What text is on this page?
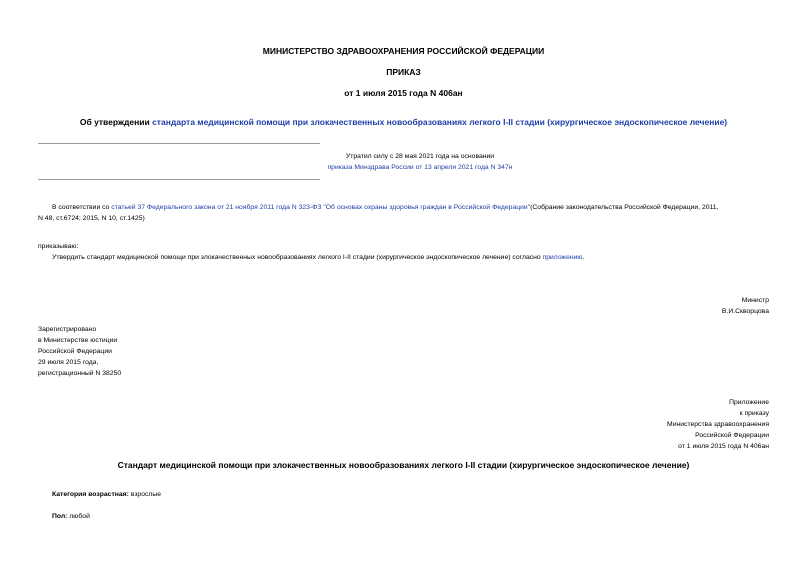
МИНИСТЕРСТВО ЗДРАВООХРАНЕНИЯ РОССИЙСКОЙ ФЕДЕРАЦИИ
ПРИКАЗ
от 1 июля 2015 года N 406ан
Об утверждении стандарта медицинской помощи при злокачественных новообразованиях легкого I-II стадии (хирургическое эндоскопическое лечение)
Утратил силу с 28 мая 2021 года на основании
приказа Минздрава России от 13 апреля 2021 года N 347н
В соответствии со статьей 37 Федерального закона от 21 ноября 2011 года N 323-ФЗ "Об основах охраны здоровья граждан в Российской Федерации"(Собрание законодательства Российской Федерации, 2011,
N 48, ст.6724; 2015, N 10, ст.1425)
приказываю:
Утвердить стандарт медицинской помощи при злокачественных новообразованиях легкого I-II стадии (хирургическое эндоскопическое лечение) согласно приложению.
Министр
В.И.Скворцова
Зарегистрировано
в Министерстве юстиции
Российской Федерации
29 июля 2015 года,
регистрационный N 38250
Приложение
к приказу
Министерства здравоохранения
Российской Федерации
от 1 июля 2015 года N 406ан
Стандарт медицинской помощи при злокачественных новообразованиях легкого I-II стадии (хирургическое эндоскопическое лечение)
Категория возрастная: взрослые
Пол: любой
